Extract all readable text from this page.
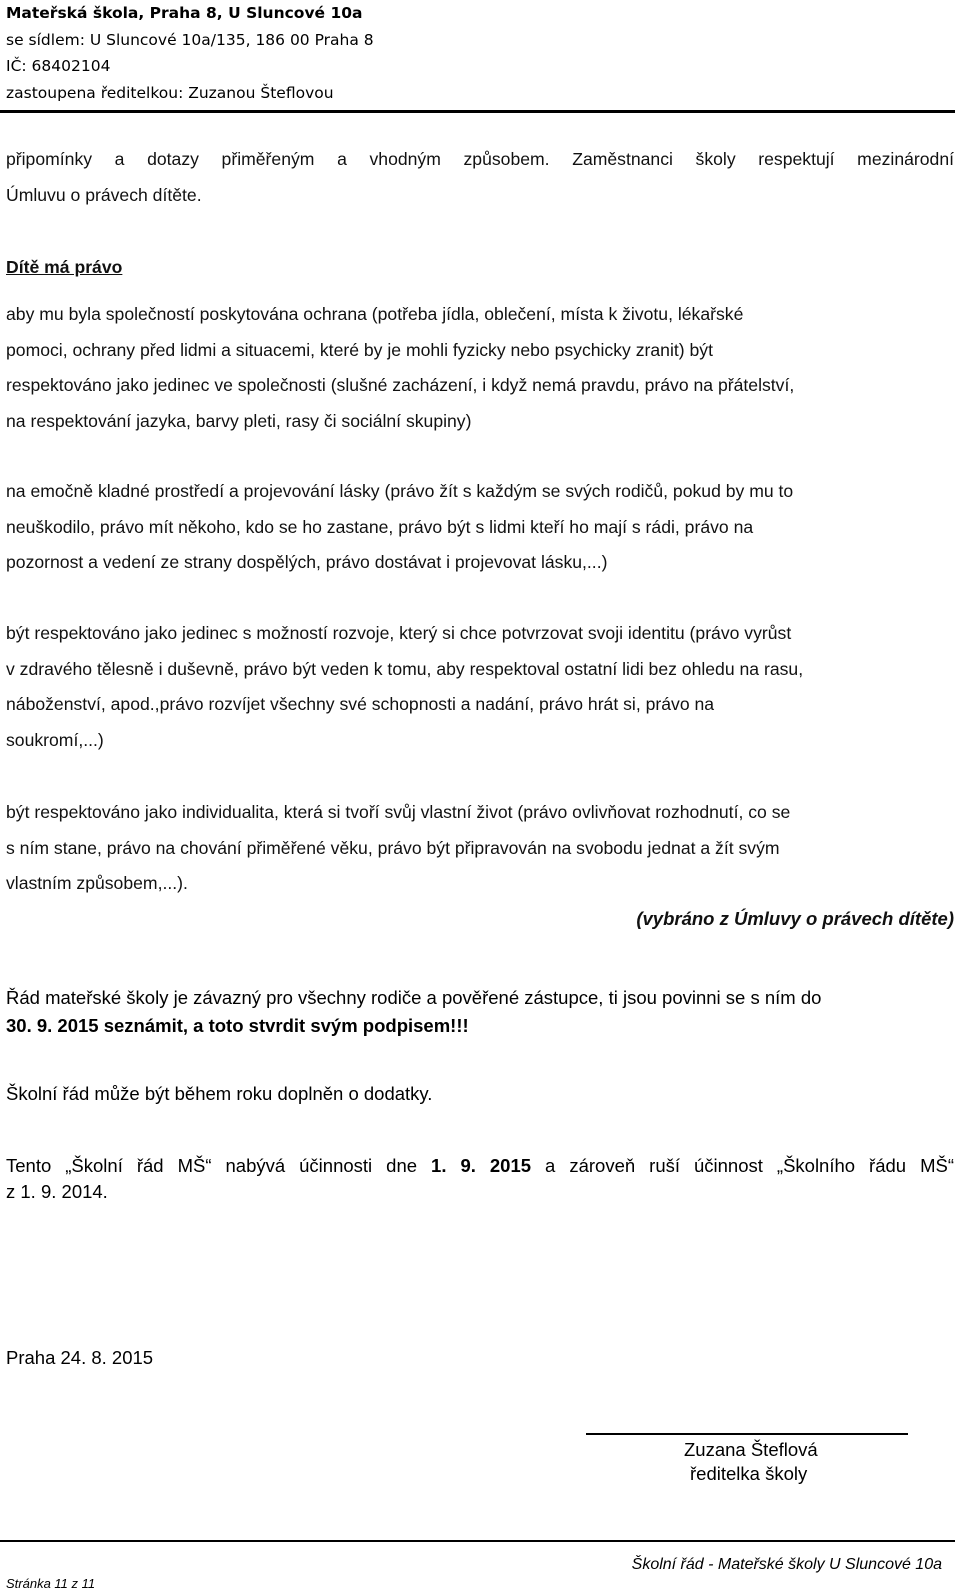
Mateřská škola, Praha 8, U Sluncové 10a
se sídlem: U Sluncové 10a/135, 186 00 Praha 8
IČ: 68402104
zastoupena ředitelkou: Zuzanou Šteflovou
připomínky a dotazy přiměřeným a vhodným způsobem. Zaměstnanci školy respektují mezinárodní
Úmluvu o právech dítěte.
Dítě má právo
aby mu byla společností poskytována ochrana (potřeba jídla, oblečení, místa k životu, lékařské
pomoci, ochrany před lidmi a situacemi, které by je mohli fyzicky nebo psychicky zranit) být
respektováno jako jedinec ve společnosti (slušné zacházení, i když nemá pravdu, právo na přátelství,
na respektování jazyka, barvy pleti, rasy či sociální skupiny)
na emočně kladné prostředí a projevování lásky (právo žít s každým se svých rodičů, pokud by mu to
neuškodilo, právo mít někoho, kdo se ho zastane, právo být s lidmi kteří ho mají s rádi, právo na
pozornost a vedení ze strany dospělých, právo dostávat i projevovat lásku,...)
být respektováno jako jedinec s možností rozvoje, který si chce potvrzovat svoji identitu (právo vyrůst
v zdravého tělesně i duševně, právo být veden k tomu, aby respektoval ostatní lidi bez ohledu na rasu,
náboženství, apod.,právo rozvíjet všechny své schopnosti a nadání, právo hrát si, právo na
soukromí,...)
být respektováno jako individualita, která si tvoří svůj vlastní život (právo ovlivňovat rozhodnutí, co se
s ním stane, právo na chování přiměřené věku, právo být připravován na svobodu jednat a žít svým
vlastním způsobem,...).
(vybráno z Úmluvy o právech dítěte)
Řád mateřské školy je závazný pro všechny rodiče a pověřené zástupce, ti jsou povinni se s ním do
30. 9. 2015 seznámit, a toto stvrdit svým podpisem!!!
Školní řád může být během roku doplněn o dodatky.
Tento „Školní řád MŠ“ nabývá účinnosti dne 1. 9. 2015 a zároveň ruší účinnost „Školního řádu MŠ“
z 1. 9. 2014.
Praha 24. 8. 2015
Zuzana Šteflová
ředitelka školy
Školní řád - Mateřské školy U Sluncové 10a
Stránka 11 z 11
